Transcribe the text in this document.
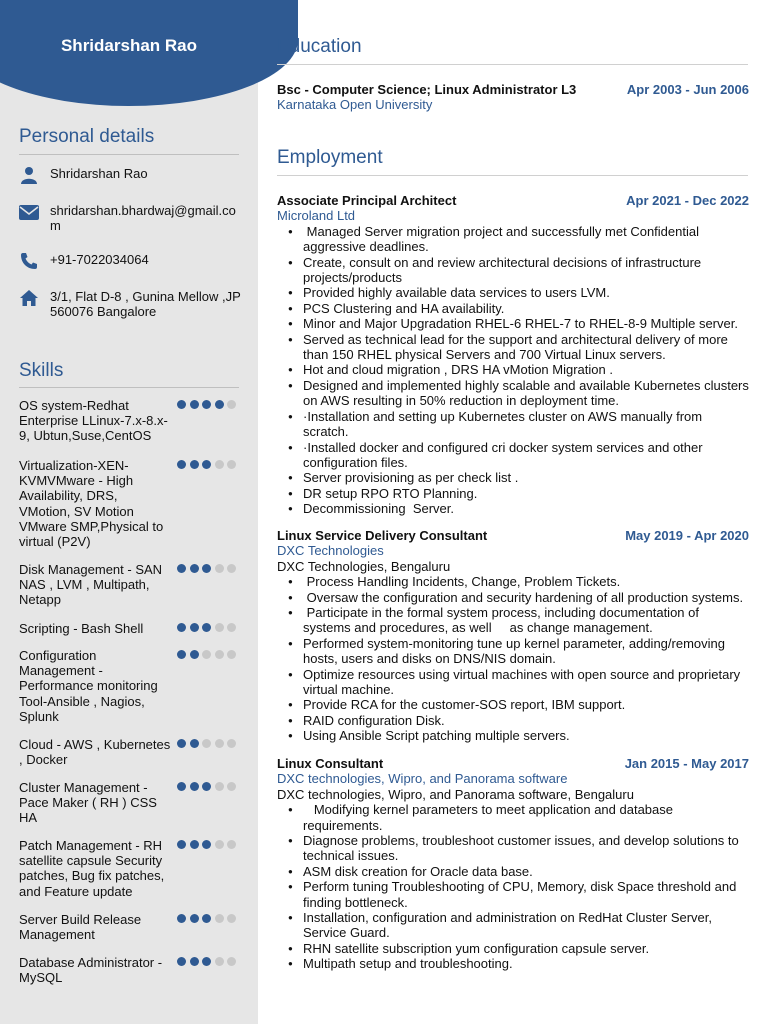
Shridarshan Rao
Personal details
Shridarshan Rao
shridarshan.bhardwaj@gmail.com
+91-7022034064
3/1, Flat D-8 , Gunina Mellow ,JP
560076 Bangalore
Skills
OS system-Redhat Enterprise LLinux-7.x-8.x-9, Ubtun,Suse,CentOS
Virtualization-XEN-KVMVMware - High Availability, DRS, VMotion, SV Motion VMware SMP,Physical to virtual (P2V)
Disk Management - SAN NAS , LVM , Multipath, Netapp
Scripting - Bash Shell
Configuration Management - Performance monitoring Tool-Ansible , Nagios, Splunk
Cloud - AWS , Kubernetes , Docker
Cluster Management - Pace Maker ( RH ) CSS HA
Patch Management - RH satellite capsule Security patches, Bug fix patches, and Feature update
Server Build Release Management
Database Administrator - MySQL
Education
Bsc - Computer Science; Linux Administrator L3	Apr 2003 - Jun 2006
Karnataka Open University
Employment
Associate Principal Architect	Apr 2021 - Dec 2022
Microland Ltd
●  Managed Server migration project and successfully met Confidential aggressive deadlines.
● Create, consult on and review architectural decisions of infrastructure projects/products
● Provided highly available data services to users LVM.
● PCS Clustering and HA availability.
● Minor and Major Upgradation RHEL-6 RHEL-7 to RHEL-8-9 Multiple server.
● Served as technical lead for the support and architectural delivery of more than 150 RHEL physical Servers and 700 Virtual Linux servers.
● Hot and cloud migration , DRS HA vMotion Migration .
● Designed and implemented highly scalable and available Kubernetes clusters on AWS resulting in 50% reduction in deployment time.
● ·Installation and setting up Kubernetes cluster on AWS manually from scratch.
● ·Installed docker and configured cri docker system services and other configuration files.
● Server provisioning as per check list .
● DR setup RPO RTO Planning.
● Decommissioning  Server.
Linux Service Delivery Consultant	May 2019 - Apr 2020
DXC Technologies
DXC Technologies, Bengaluru
●  Process Handling Incidents, Change, Problem Tickets.
●  Oversaw the configuration and security hardening of all production systems.
●  Participate in the formal system process, including documentation of systems and procedures, as well     as change management.
● Performed system-monitoring tune up kernel parameter, adding/removing hosts, users and disks on DNS/NIS domain.
● Optimize resources using virtual machines with open source and proprietary virtual machine.
● Provide RCA for the customer-SOS report, IBM support.
● RAID configuration Disk.
● Using Ansible Script patching multiple servers.
Linux Consultant	Jan 2015 - May 2017
DXC technologies, Wipro, and Panorama software
DXC technologies, Wipro, and Panorama software, Bengaluru
●    Modifying kernel parameters to meet application and database requirements.
● Diagnose problems, troubleshoot customer issues, and develop solutions to technical issues.
● ASM disk creation for Oracle data base.
● Perform tuning Troubleshooting of CPU, Memory, disk Space threshold and finding bottleneck.
● Installation, configuration and administration on RedHat Cluster Server, Service Guard.
● RHN satellite subscription yum configuration capsule server.
● Multipath setup and troubleshooting.
